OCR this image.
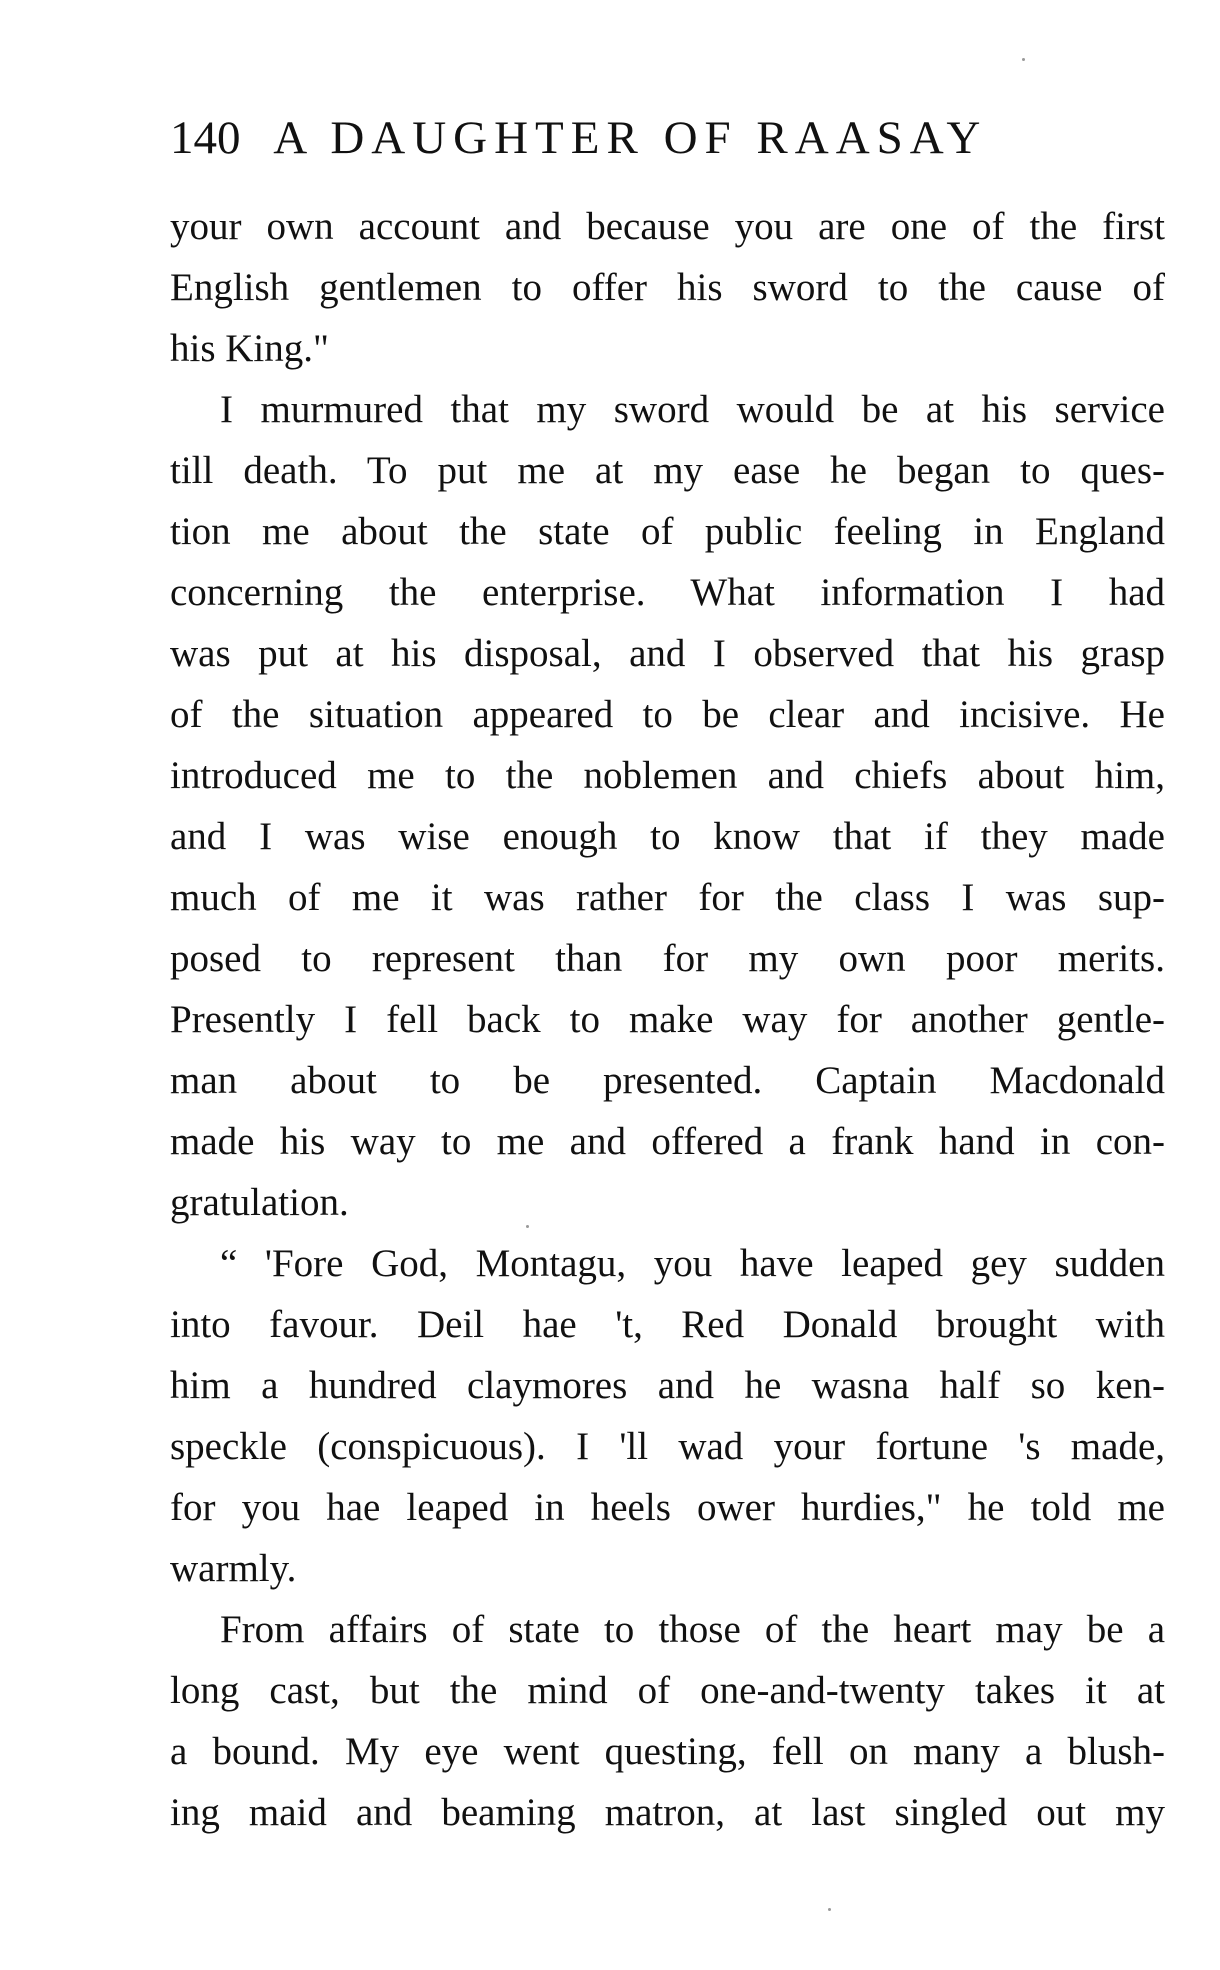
140 A DAUGHTER OF RAASAY
your own account and because you are one of the first
English gentlemen to offer his sword to the cause of
his King."
I murmured that my sword would be at his service
till death. To put me at my ease he began to ques-
tion me about the state of public feeling in England
concerning the enterprise. What information I had
was put at his disposal, and I observed that his grasp
of the situation appeared to be clear and incisive. He
introduced me to the noblemen and chiefs about him,
and I was wise enough to know that if they made
much of me it was rather for the class I was sup-
posed to represent than for my own poor merits.
Presently I fell back to make way for another gentle-
man about to be presented. Captain Macdonald
made his way to me and offered a frank hand in con-
gratulation.
“ 'Fore God, Montagu, you have leaped gey sudden
into favour. Deil hae 't, Red Donald brought with
him a hundred claymores and he wasna half so ken-
speckle (conspicuous). I 'll wad your fortune 's made,
for you hae leaped in heels ower hurdies," he told me
warmly.
From affairs of state to those of the heart may be a
long cast, but the mind of one-and-twenty takes it at
a bound. My eye went questing, fell on many a blush-
ing maid and beaming matron, at last singled out my
